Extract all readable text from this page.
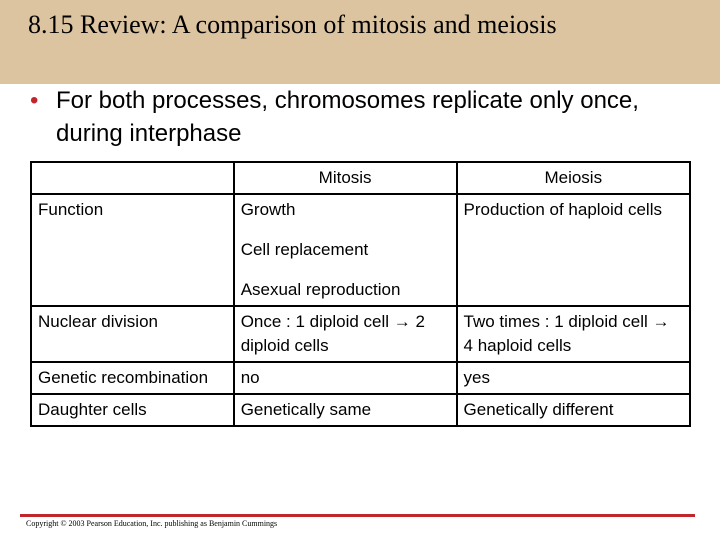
8.15 Review: A comparison of mitosis and meiosis
• For both processes, chromosomes replicate only once, during interphase
	Mitosis	Meiosis
Function	Growth
Cell replacement
Asexual reproduction	Production of haploid cells
Nuclear division	Once : 1 diploid cell → 2 diploid cells	Two times : 1 diploid cell → 4 haploid cells
Genetic recombination	no	yes
Daughter cells	Genetically same	Genetically different
Copyright © 2003 Pearson Education, Inc. publishing as Benjamin Cummings
